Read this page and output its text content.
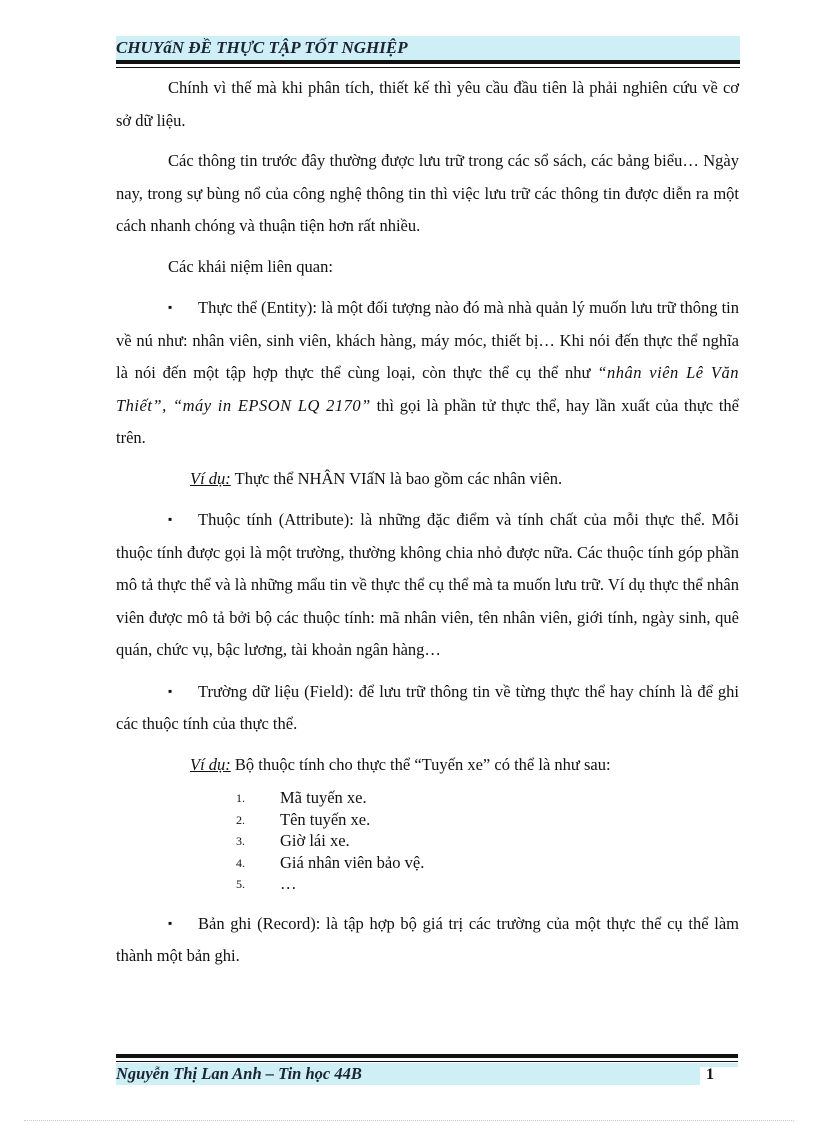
CHUYấN ĐỀ THỰC TẬP TỐT NGHIỆP

Chính vì thế mà khi phân tích, thiết kế thì yêu cầu đầu tiên là phải nghiên cứu về cơ sở dữ liệu.

Các thông tin trước đây thường được lưu trữ trong các sổ sách, các bảng biểu… Ngày nay, trong sự bùng nổ của công nghệ thông tin thì việc lưu trữ các thông tin được diễn ra một cách nhanh chóng và thuận tiện hơn rất nhiều.

Các khái niệm liên quan:

▪ Thực thể (Entity): là một đối tượng nào đó mà nhà quản lý muốn lưu trữ thông tin về nú như: nhân viên, sinh viên, khách hàng, máy móc, thiết bị… Khi nói đến thực thể nghĩa là nói đến một tập hợp thực thể cùng loại, còn thực thể cụ thể như “nhân viên Lê Văn Thiết”, “máy in EPSON LQ 2170” thì gọi là phần tử thực thể, hay lần xuất của thực thể trên.

Ví dụ: Thực thể NHÂN VIấN là bao gồm các nhân viên.

▪ Thuộc tính (Attribute): là những đặc điểm và tính chất của mỗi thực thể. Mỗi thuộc tính được gọi là một trường, thường không chia nhỏ được nữa. Các thuộc tính góp phần mô tả thực thể và là những mẩu tin về thực thể cụ thể mà ta muốn lưu trữ. Ví dụ thực thể nhân viên được mô tả bởi bộ các thuộc tính: mã nhân viên, tên nhân viên, giới tính, ngày sinh, quê quán, chức vụ, bậc lương, tài khoản ngân hàng…

▪ Trường dữ liệu (Field): để lưu trữ thông tin về từng thực thể hay chính là để ghi các thuộc tính của thực thể.

Ví dụ: Bộ thuộc tính cho thực thể “Tuyến xe” có thể là như sau:

1. Mã tuyến xe.
2. Tên tuyến xe.
3. Giờ lái xe.
4. Giá nhân viên bảo vệ.
5. …

▪ Bản ghi (Record): là tập hợp bộ giá trị các trường của một thực thể cụ thể làm thành một bản ghi.

Nguyễn Thị Lan Anh – Tin học 44B	1
